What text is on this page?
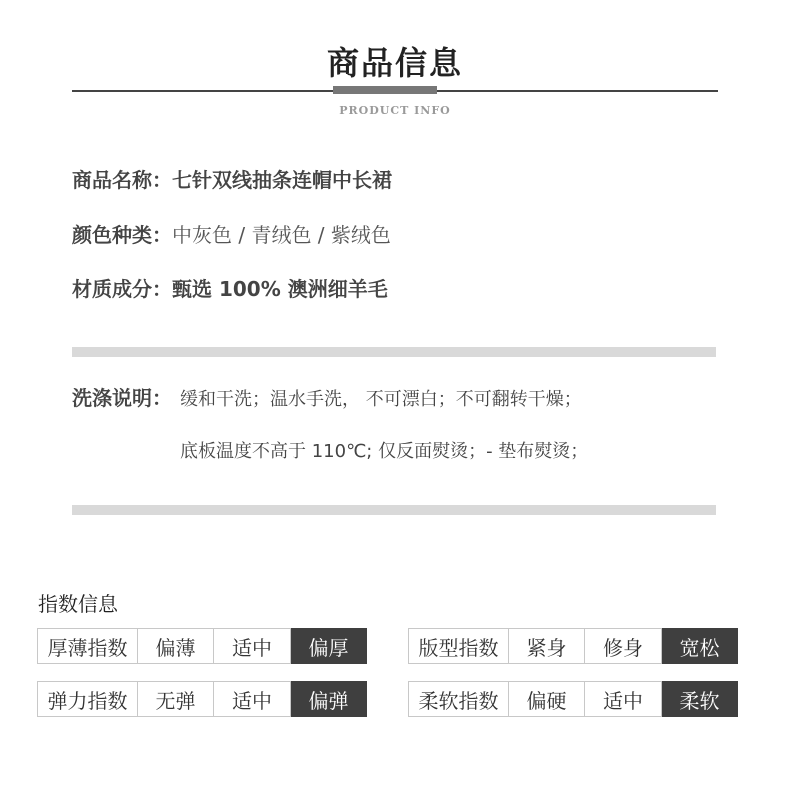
商品信息
PRODUCT INFO
商品名称：七针双线抽条连帽中长裙
颜色种类：中灰色 / 青绒色 / 紫绒色
材质成分：甄选 100% 澳洲细羊毛
洗涤说明： 缓和干洗；温水手洗， 不可漂白；不可翻转干燥；
底板温度不高于 110℃; 仅反面熨烫；- 垫布熨烫；
指数信息
厚薄指数	偏薄	适中	偏厚	版型指数	紧身	修身	宽松
弹力指数	无弹	适中	偏弹	柔软指数	偏硬	适中	柔软
